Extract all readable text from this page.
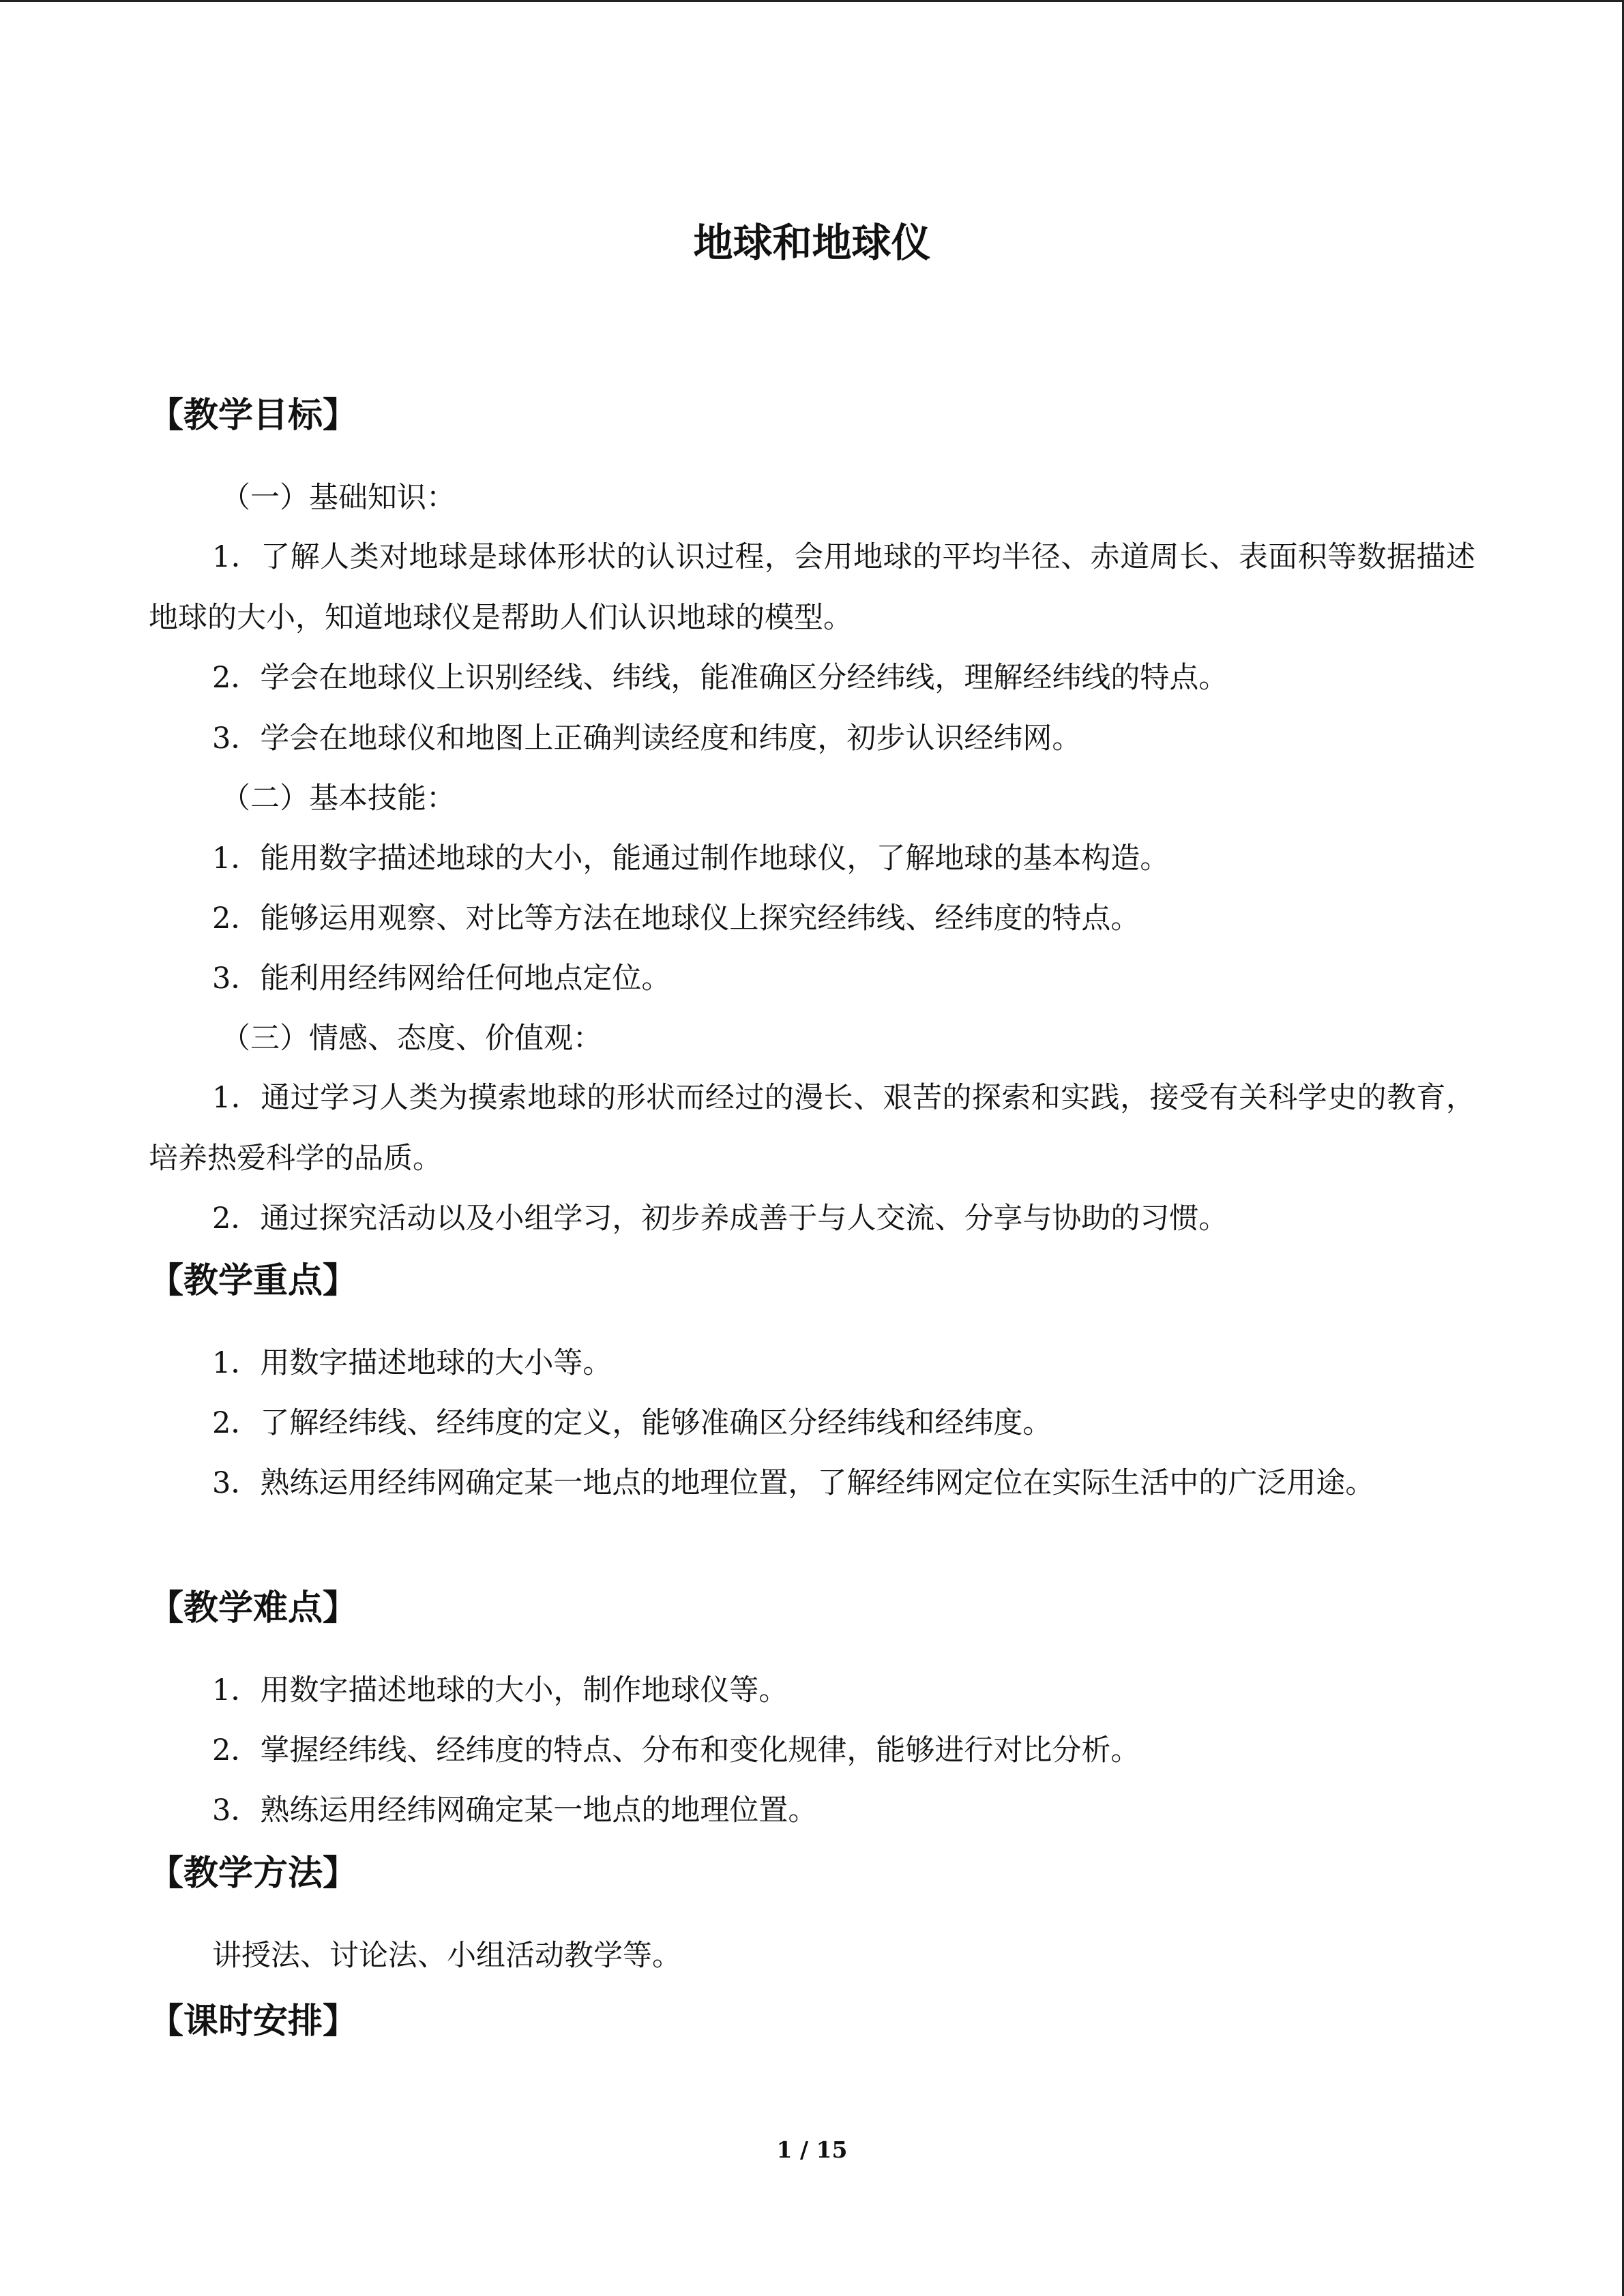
地球和地球仪
【教学目标】

（一）基础知识：

1．了解人类对地球是球体形状的认识过程，会用地球的平均半径、赤道周长、表面积等数据描述地球的大小，知道地球仪是帮助人们认识地球的模型。

2．学会在地球仪上识别经线、纬线，能准确区分经纬线，理解经纬线的特点。

3．学会在地球仪和地图上正确判读经度和纬度，初步认识经纬网。

（二）基本技能：

1．能用数字描述地球的大小，能通过制作地球仪，了解地球的基本构造。

2．能够运用观察、对比等方法在地球仪上探究经纬线、经纬度的特点。

3．能利用经纬网给任何地点定位。

（三）情感、态度、价值观：

1．通过学习人类为摸索地球的形状而经过的漫长、艰苦的探索和实践，接受有关科学史的教育，培养热爱科学的品质。

2．通过探究活动以及小组学习，初步养成善于与人交流、分享与协助的习惯。

【教学重点】

1．用数字描述地球的大小等。

2．了解经纬线、经纬度的定义，能够准确区分经纬线和经纬度。

3．熟练运用经纬网确定某一地点的地理位置，了解经纬网定位在实际生活中的广泛用途。

【教学难点】

1．用数字描述地球的大小，制作地球仪等。

2．掌握经纬线、经纬度的特点、分布和变化规律，能够进行对比分析。

3．熟练运用经纬网确定某一地点的地理位置。

【教学方法】

讲授法、讨论法、小组活动教学等。

【课时安排】
1 / 15
